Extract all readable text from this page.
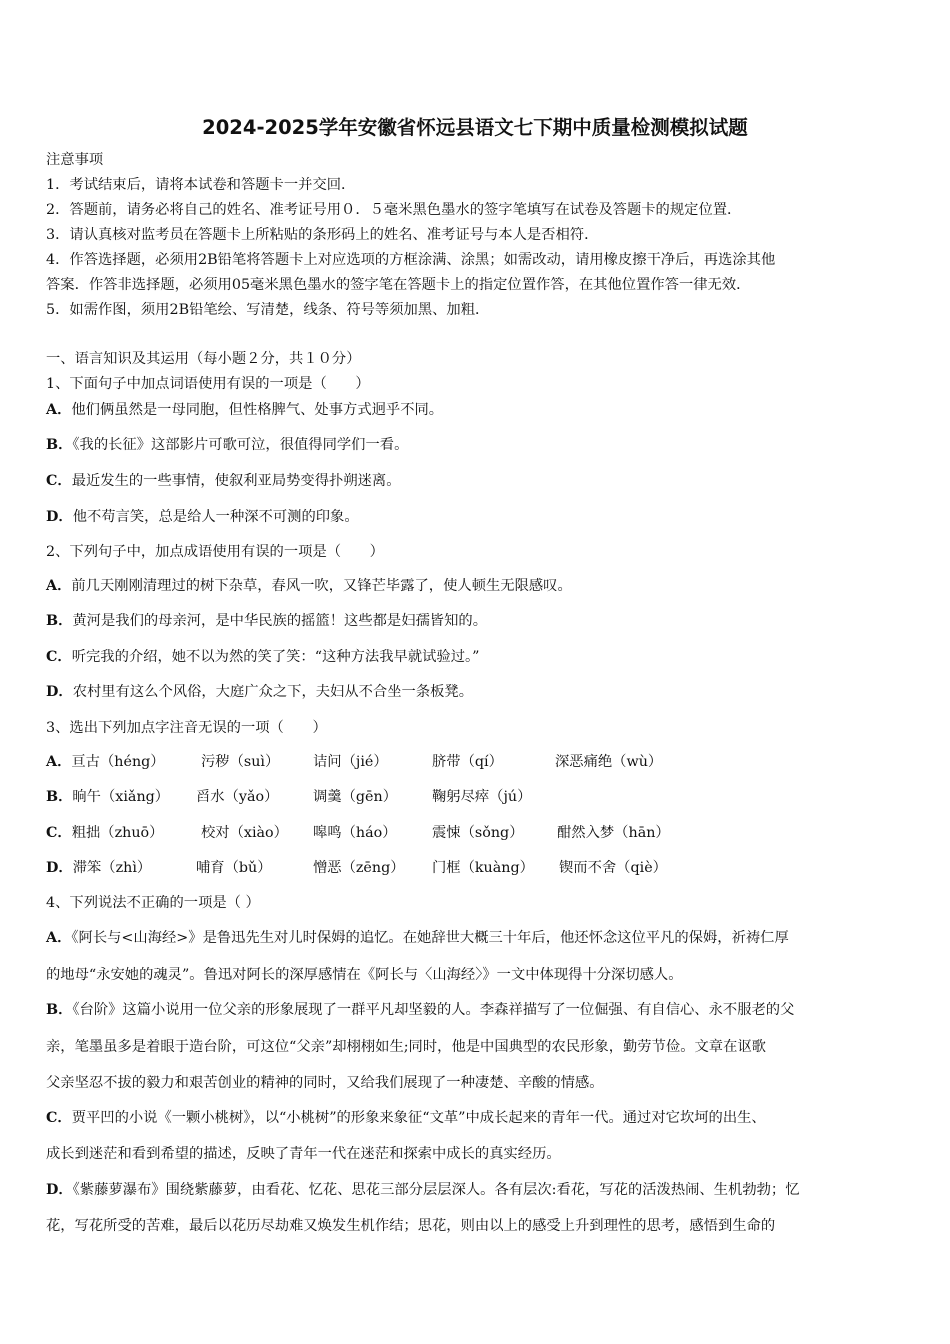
2024-2025学年安徽省怀远县语文七下期中质量检测模拟试题
注意事项
1．考试结束后，请将本试卷和答题卡一并交回．
2．答题前，请务必将自己的姓名、准考证号用０．５毫米黑色墨水的签字笔填写在试卷及答题卡的规定位置．
3．请认真核对监考员在答题卡上所粘贴的条形码上的姓名、准考证号与本人是否相符．
4．作答选择题，必须用2B铅笔将答题卡上对应选项的方框涂满、涂黑；如需改动，请用橡皮擦干净后，再选涂其他
答案．作答非选择题，必须用05毫米黑色墨水的签字笔在答题卡上的指定位置作答，在其他位置作答一律无效．
5．如需作图，须用2B铅笔绘、写清楚，线条、符号等须加黑、加粗．
一、语言知识及其运用（每小题２分，共１０分）
1、下面句子中加点词语使用有误的一项是（　　）
A．他们俩虽然是一母同胞，但性格脾气、处事方式迥乎不同。
B．《我的长征》这部影片可歌可泣，很值得同学们一看。
C．最近发生的一些事情，使叙利亚局势变得扑朔迷离。
D．他不苟言笑，总是给人一种深不可测的印象。
2、下列句子中，加点成语使用有误的一项是（　　）
A．前几天刚刚清理过的树下杂草，春风一吹，又锋芒毕露了，使人顿生无限感叹。
B．黄河是我们的母亲河，是中华民族的摇篮！这些都是妇孺皆知的。
C．听完我的介绍，她不以为然的笑了笑：“这种方法我早就试验过。”
D．农村里有这么个风俗，大庭广众之下，夫妇从不合坐一条板凳。
3、选出下列加点字注音无误的一项（　　）
A．亘古（héng）	污秽（suì） 诘问（jié）	脐带（qí）	深恶痛绝（wù）
B．晌午（xiǎng） 舀水（yǎo） 调羹（gēn） 鞠躬尽瘁（jú）
C．粗拙（zhuō）	校对（xiào） 嗥鸣（háo） 震悚（sǒng） 酣然入梦（hān）
D．滞笨（zhì）	哺育（bǔ）	憎恶（zēng） 门框（kuàng） 锲而不舍（qiè）
4、下列说法不正确的一项是（ ）
A．《阿长与<山海经>》是鲁迅先生对儿时保姆的追忆。在她辞世大概三十年后，他还怀念这位平凡的保姆，祈祷仁厚
的地母“永安她的魂灵”。鲁迅对阿长的深厚感情在《阿长与〈山海经〉》一文中体现得十分深切感人。
B．《台阶》这篇小说用一位父亲的形象展现了一群平凡却坚毅的人。李森祥描写了一位倔强、有自信心、永不服老的父
亲，笔墨虽多是着眼于造台阶，可这位“父亲”却栩栩如生;同时，他是中国典型的农民形象，勤劳节俭。文章在讴歌
父亲坚忍不拔的毅力和艰苦创业的精神的同时，又给我们展现了一种凄楚、辛酸的情感。
C．贾平凹的小说《一颗小桃树》，以“小桃树”的形象来象征“文革”中成长起来的青年一代。通过对它坎坷的出生、
成长到迷茫和看到希望的描述，反映了青年一代在迷茫和探索中成长的真实经历。
D．《紫藤萝瀑布》围绕紫藤萝，由看花、忆花、思花三部分层层深人。各有层次:看花，写花的活泼热闹、生机勃勃；忆
花，写花所受的苦难，最后以花历尽劫难又焕发生机作结；思花，则由以上的感受上升到理性的思考，感悟到生命的
